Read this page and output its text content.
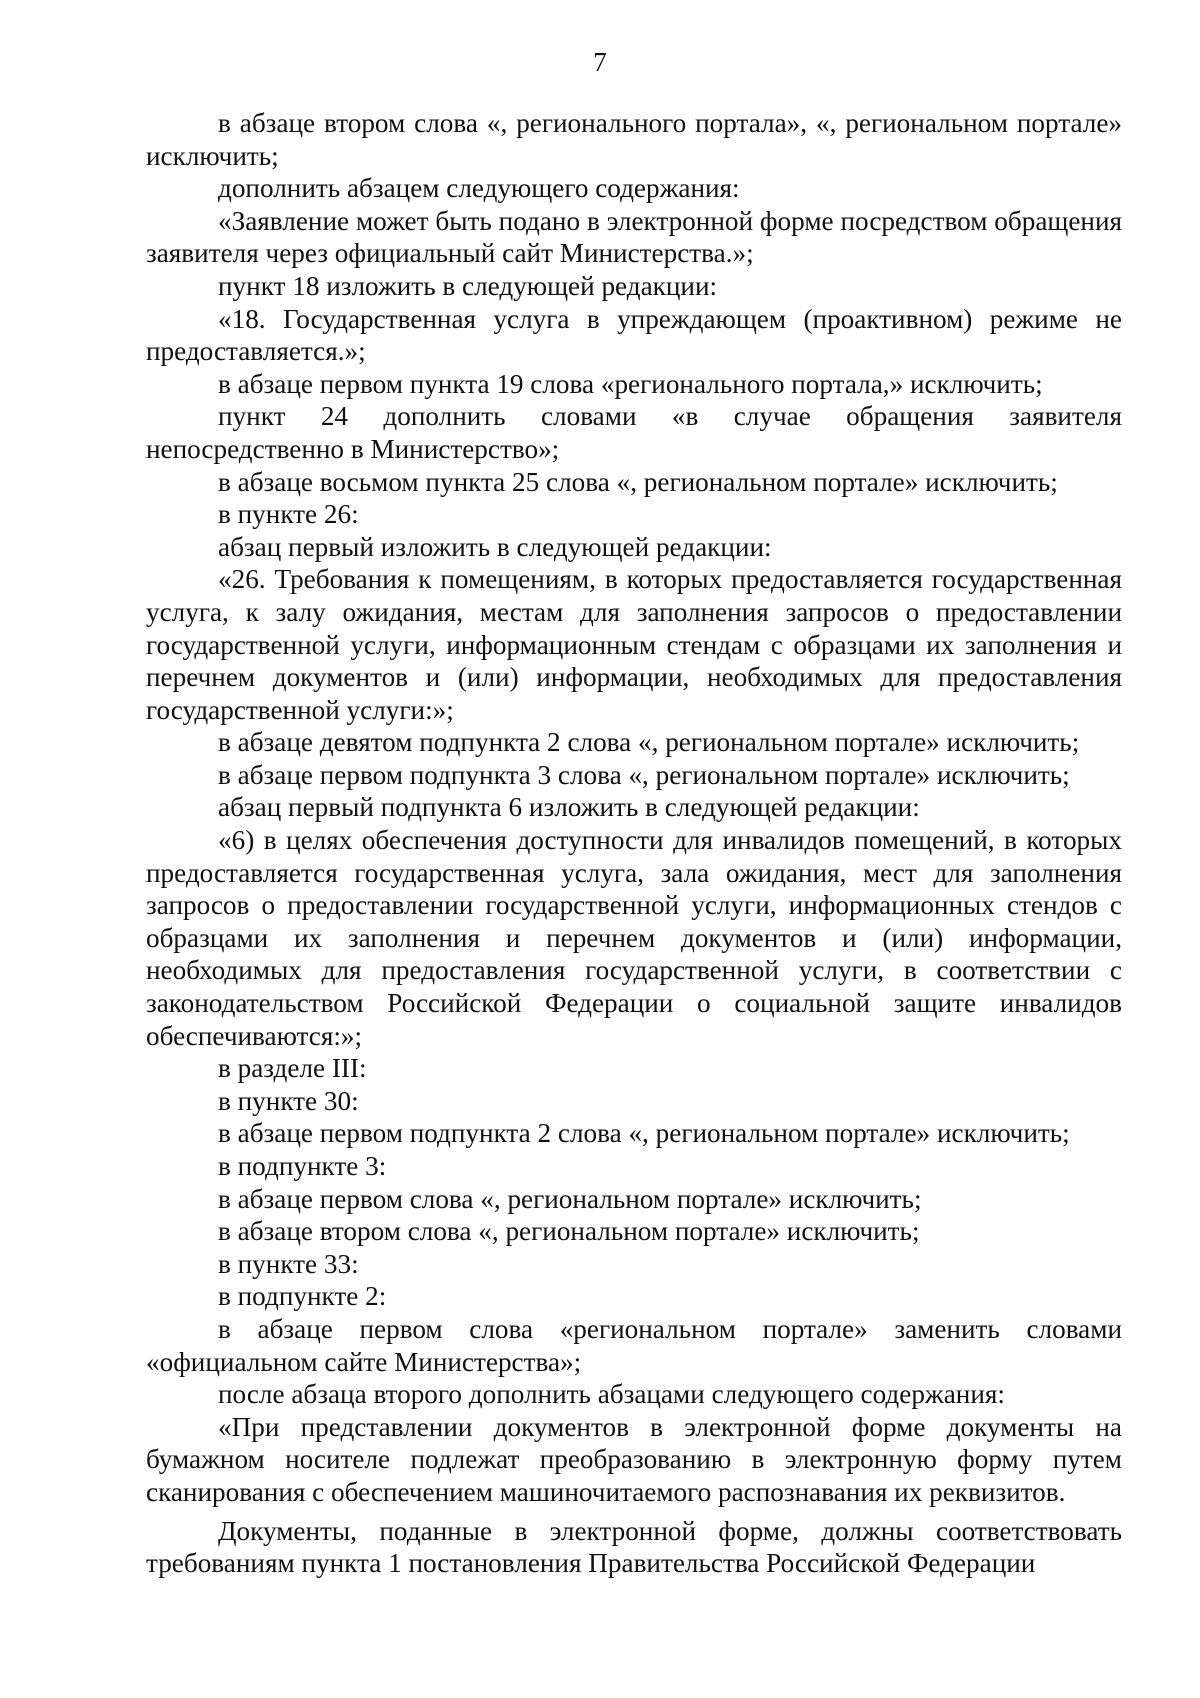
7

в абзаце втором слова «, регионального портала», «, региональном портале» исключить;

дополнить абзацем следующего содержания:

«Заявление может быть подано в электронной форме посредством обращения заявителя через официальный сайт Министерства.»;

пункт 18 изложить в следующей редакции:

«18. Государственная услуга в упреждающем (проактивном) режиме не предоставляется.»;

в абзаце первом пункта 19 слова «регионального портала,» исключить;

пункт 24 дополнить словами «в случае обращения заявителя непосредственно в Министерство»;

в абзаце восьмом пункта 25 слова «, региональном портале» исключить;

в пункте 26:

абзац первый изложить в следующей редакции:

«26. Требования к помещениям, в которых предоставляется государственная услуга, к залу ожидания, местам для заполнения запросов о предоставлении государственной услуги, информационным стендам с образцами их заполнения и перечнем документов и (или) информации, необходимых для предоставления государственной услуги:»;

в абзаце девятом подпункта 2 слова «, региональном портале» исключить;

в абзаце первом подпункта 3 слова «, региональном портале» исключить;

абзац первый подпункта 6 изложить в следующей редакции:

«6) в целях обеспечения доступности для инвалидов помещений, в которых предоставляется государственная услуга, зала ожидания, мест для заполнения запросов о предоставлении государственной услуги, информационных стендов с образцами их заполнения и перечнем документов и (или) информации, необходимых для предоставления государственной услуги, в соответствии с законодательством Российской Федерации о социальной защите инвалидов обеспечиваются:»;

в разделе III:

в пункте 30:

в абзаце первом подпункта 2 слова «, региональном портале» исключить;

в подпункте 3:

в абзаце первом слова «, региональном портале» исключить;

в абзаце втором слова «, региональном портале» исключить;

в пункте 33:

в подпункте 2:

в абзаце первом слова «региональном портале» заменить словами «официальном сайте Министерства»;

после абзаца второго дополнить абзацами следующего содержания:

«При представлении документов в электронной форме документы на бумажном носителе подлежат преобразованию в электронную форму путем сканирования с обеспечением машиночитаемого распознавания их реквизитов.

Документы, поданные в электронной форме, должны соответствовать требованиям пункта 1 постановления Правительства Российской Федерации
